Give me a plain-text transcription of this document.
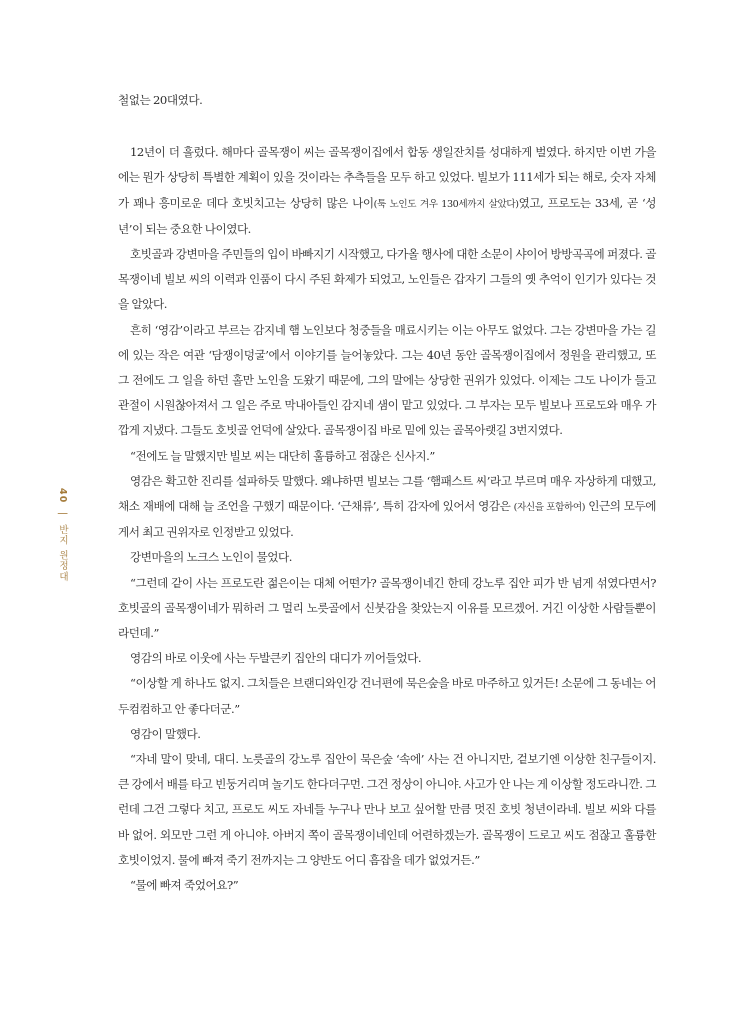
40 | 반지 원정대

철없는 20대였다.

12년이 더 흘렀다. 해마다 골목쟁이 씨는 골목쟁이집에서 합동 생일잔치를 성대하게 벌였다. 하지만 이번 가을에는 뭔가 상당히 특별한 계획이 있을 것이라는 추측들을 모두 하고 있었다. 빌보가 111세가 되는 해로, 숫자 자체가 꽤나 흥미로운 데다 호빗치고는 상당히 많은 나이(툭 노인도 겨우 130세까지 살았다)였고, 프로도는 33세, 곧 ‘성년’이 되는 중요한 나이였다.

호빗골과 강변마을 주민들의 입이 바빠지기 시작했고, 다가올 행사에 대한 소문이 샤이어 방방곡곡에 퍼졌다. 골목쟁이네 빌보 씨의 이력과 인품이 다시 주된 화제가 되었고, 노인들은 갑자기 그들의 옛 추억이 인기가 있다는 것을 알았다.

흔히 ‘영감’이라고 부르는 감지네 햄 노인보다 청중들을 매료시키는 이는 아무도 없었다. 그는 강변마을 가는 길에 있는 작은 여관 ‘담쟁이덩굴’에서 이야기를 늘어놓았다. 그는 40년 동안 골목쟁이집에서 정원을 관리했고, 또 그 전에도 그 일을 하던 홀만 노인을 도왔기 때문에, 그의 말에는 상당한 권위가 있었다. 이제는 그도 나이가 들고 관절이 시원찮아져서 그 일은 주로 막내아들인 감지네 샘이 맡고 있었다. 그 부자는 모두 빌보나 프로도와 매우 가깝게 지냈다. 그들도 호빗골 언덕에 살았다. 골목쟁이집 바로 밑에 있는 골목아랫길 3번지였다.

“전에도 늘 말했지만 빌보 씨는 대단히 훌륭하고 점잖은 신사지.”

영감은 확고한 진리를 설파하듯 말했다. 왜냐하면 빌보는 그를 ‘햄패스트 씨’라고 부르며 매우 자상하게 대했고, 채소 재배에 대해 늘 조언을 구했기 때문이다. ‘근채류’, 특히 감자에 있어서 영감은 (자신을 포함하여) 인근의 모두에게서 최고 권위자로 인정받고 있었다.

강변마을의 노크스 노인이 물었다.

“그런데 같이 사는 프로도란 젊은이는 대체 어떤가? 골목쟁이네긴 한데 강노루 집안 피가 반 넘게 섞였다면서? 호빗골의 골목쟁이네가 뭐하러 그 멀리 노릇골에서 신붓감을 찾았는지 이유를 모르겠어. 거긴 이상한 사람들뿐이라던데.”

영감의 바로 이웃에 사는 두발큰키 집안의 대디가 끼어들었다.

“이상할 게 하나도 없지. 그치들은 브랜디와인강 건너편에 묵은숲을 바로 마주하고 있거든! 소문에 그 동네는 어두컴컴하고 안 좋다더군.”

영감이 말했다.

“자네 말이 맞네, 대디. 노릇골의 강노루 집안이 묵은숲 ‘속에’ 사는 건 아니지만, 겉보기엔 이상한 친구들이지. 큰 강에서 배를 타고 빈둥거리며 놀기도 한다더구먼. 그건 정상이 아니야. 사고가 안 나는 게 이상할 정도라니깐. 그런데 그건 그렇다 치고, 프로도 씨도 자네들 누구나 만나 보고 싶어할 만큼 멋진 호빗 청년이라네. 빌보 씨와 다를 바 없어. 외모만 그런 게 아니야. 아버지 쪽이 골목쟁이네인데 어련하겠는가. 골목쟁이 드로고 씨도 점잖고 훌륭한 호빗이었지. 물에 빠져 죽기 전까지는 그 양반도 어디 흠잡을 데가 없었거든.”

“물에 빠져 죽었어요?”
